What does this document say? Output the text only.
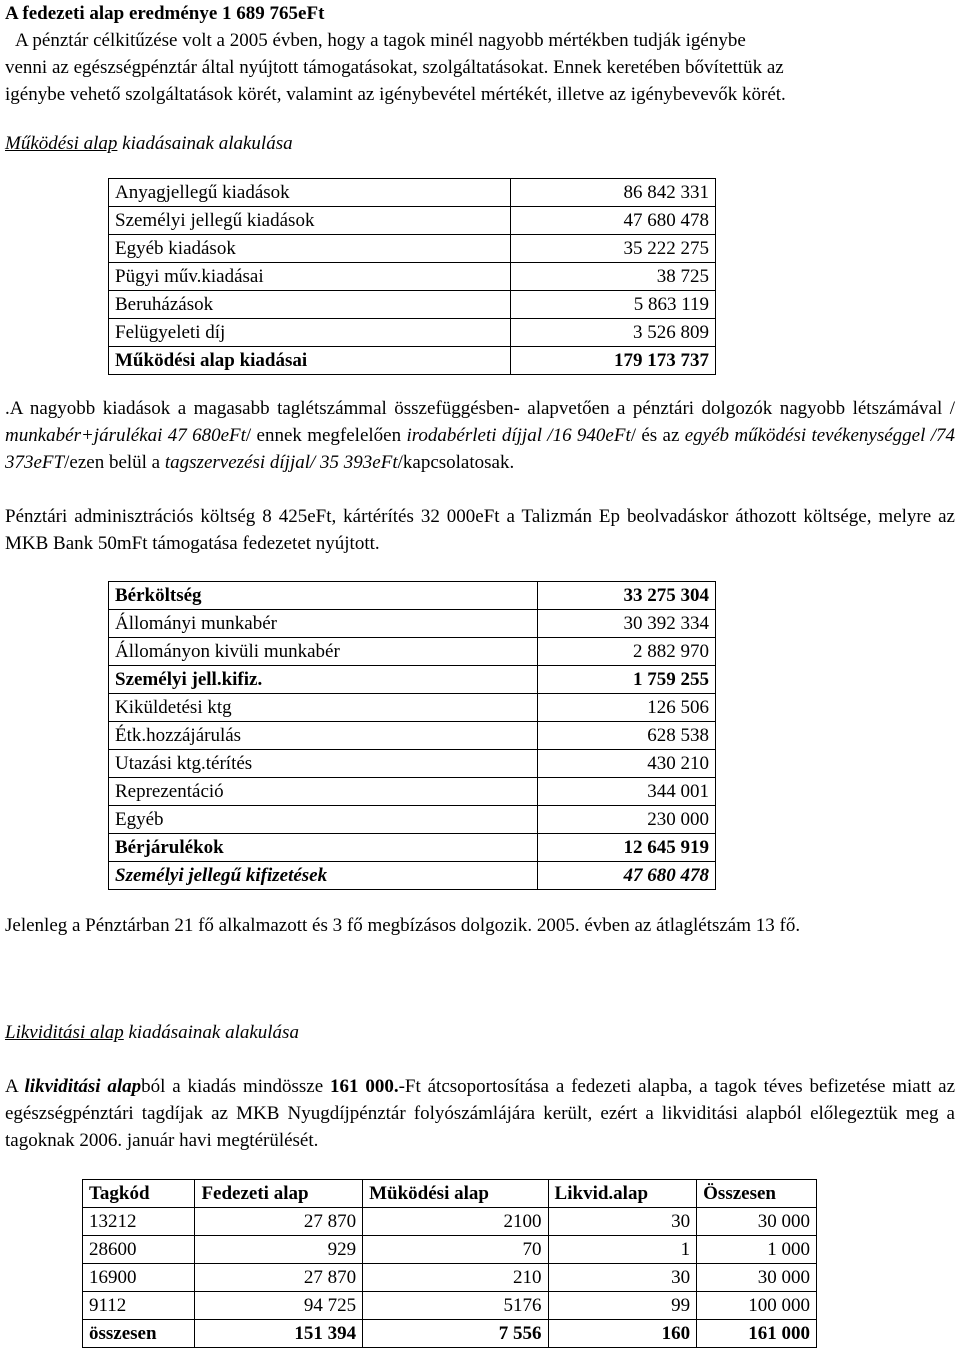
A fedezeti alap eredménye 1 689 765eFt

A pénztár célkitűzése volt a 2005 évben, hogy a tagok minél nagyobb mértékben tudják igénybe

venni az egészségpénztár által nyújtott támogatásokat, szolgáltatásokat. Ennek keretében bővítettük az

igénybe vehető szolgáltatások körét, valamint az igénybevétel mértékét, illetve az igénybevevők körét.

Működési alap kiadásainak alakulása
Anyagjellegű kiadások	86 842 331
Személyi jellegű kiadások	47 680 478
Egyéb kiadások	35 222 275
Pügyi műv.kiadásai	38 725
Beruházások	5 863 119
Felügyeleti díj	3 526 809
Működési alap kiadásai	179 173 737
.A nagyobb kiadások a magasabb taglétszámmal összefüggésben- alapvetően a pénztári dolgozók nagyobb létszámával / munkabér+járulékai 47 680eFt/ ennek megfelelően irodabérleti díjjal /16 940eFt/ és az egyéb működési tevékenységgel /74 373eFT/ezen belül a tagszervezési díjjal/ 35 393eFt/kapcsolatosak.
Pénztári adminisztrációs költség 8 425eFt, kártérítés 32 000eFt a Talizmán Ep beolvadáskor áthozott költsége, melyre az MKB Bank 50mFt támogatása fedezetet nyújtott.
Bérköltség	33 275 304
Állományi munkabér	30 392 334
Állományon kivüli munkabér	2 882 970
Személyi jell.kifiz.	1 759 255
Kiküldetési ktg	126 506
Étk.hozzájárulás	628 538
Utazási ktg.térítés	430 210
Reprezentáció	344 001
Egyéb	230 000
Bérjárulékok	12 645 919
Személyi jellegű kifizetések	47 680 478
Jelenleg a Pénztárban 21 fő alkalmazott és 3 fő megbízásos dolgozik. 2005. évben az átlaglétszám 13 fő.
Likviditási alap kiadásainak alakulása
A likviditási alapból a kiadás mindössze 161 000.-Ft átcsoportosítása a fedezeti alapba, a tagok téves befizetése miatt az egészségpénztári tagdíjak az MKB Nyugdíjpénztár folyószámlájára került, ezért a likviditási alapból előlegeztük meg a tagoknak 2006. január havi megtérülését.
Tagkód	Fedezeti alap	Müködési alap	Likvid.alap	Összesen
13212	27 870	2100	30	30 000
28600	929	70	1	1 000
16900	27 870	210	30	30 000
9112	94 725	5176	99	100 000
összesen	151 394	7 556	160	161 000
